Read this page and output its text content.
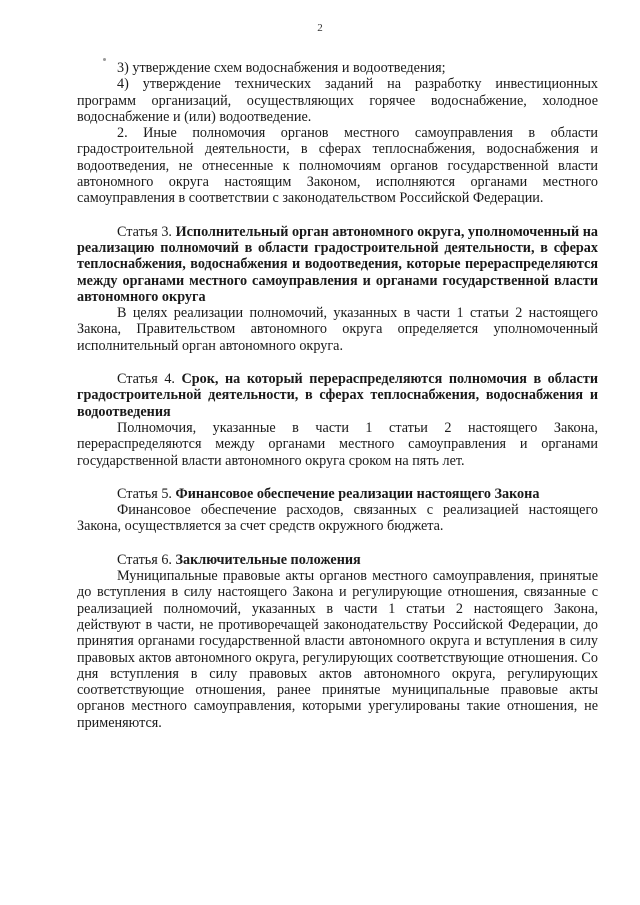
2

3) утверждение схем водоснабжения и водоотведения;

4) утверждение технических заданий на разработку инвестиционных программ организаций, осуществляющих горячее водоснабжение, холодное водоснабжение и (или) водоотведение.

2. Иные полномочия органов местного самоуправления в области градостроительной деятельности, в сферах теплоснабжения, водоснабжения и водоотведения, не отнесенные к полномочиям органов государственной власти автономного округа настоящим Законом, исполняются органами местного самоуправления в соответствии с законодательством Российской Федерации.

Статья 3. Исполнительный орган автономного округа, уполномоченный на реализацию полномочий в области градостроительной деятельности, в сферах теплоснабжения, водоснабжения и водоотведения, которые перераспределяются между органами местного самоуправления и органами государственной власти автономного округа

В целях реализации полномочий, указанных в части 1 статьи 2 настоящего Закона, Правительством автономного округа определяется уполномоченный исполнительный орган автономного округа.

Статья 4. Срок, на который перераспределяются полномочия в области градостроительной деятельности, в сферах теплоснабжения, водоснабжения и водоотведения

Полномочия, указанные в части 1 статьи 2 настоящего Закона, перераспределяются между органами местного самоуправления и органами государственной власти автономного округа сроком на пять лет.

Статья 5. Финансовое обеспечение реализации настоящего Закона

Финансовое обеспечение расходов, связанных с реализацией настоящего Закона, осуществляется за счет средств окружного бюджета.

Статья 6. Заключительные положения

Муниципальные правовые акты органов местного самоуправления, принятые до вступления в силу настоящего Закона и регулирующие отношения, связанные с реализацией полномочий, указанных в части 1 статьи 2 настоящего Закона, действуют в части, не противоречащей законодательству Российской Федерации, до принятия органами государственной власти автономного округа и вступления в силу правовых актов автономного округа, регулирующих соответствующие отношения. Со дня вступления в силу правовых актов автономного округа, регулирующих соответствующие отношения, ранее принятые муниципальные правовые акты органов местного самоуправления, которыми урегулированы такие отношения, не применяются.
